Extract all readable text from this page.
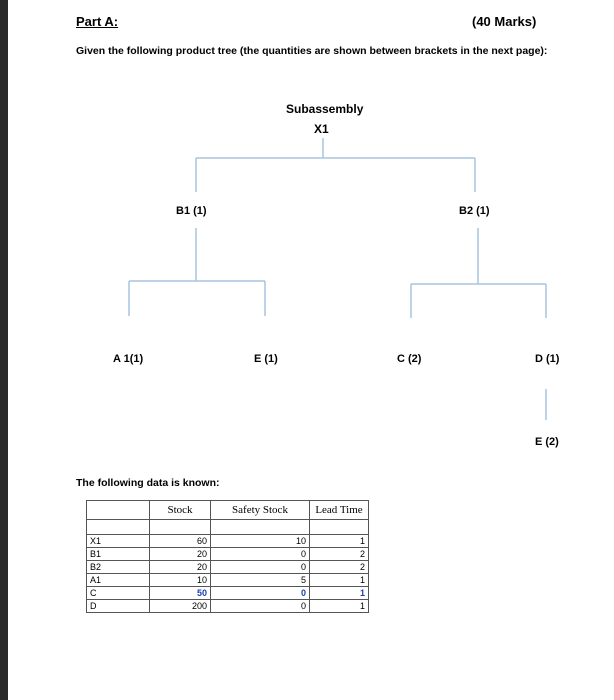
Part A:	(40 Marks)
Given the following product tree (the quantities are shown between brackets in the next page):
Subassembly
X1
B1 (1)	B2 (1)
A 1(1)	E (1)	C (2)	D (1)
E (2)
The following data is known:
	Stock	Safety Stock	Lead Time

X1	60	10	1
B1	20	0	2
B2	20	0	2
A1	10	5	1
C	50	0	1
D	200	0	1
